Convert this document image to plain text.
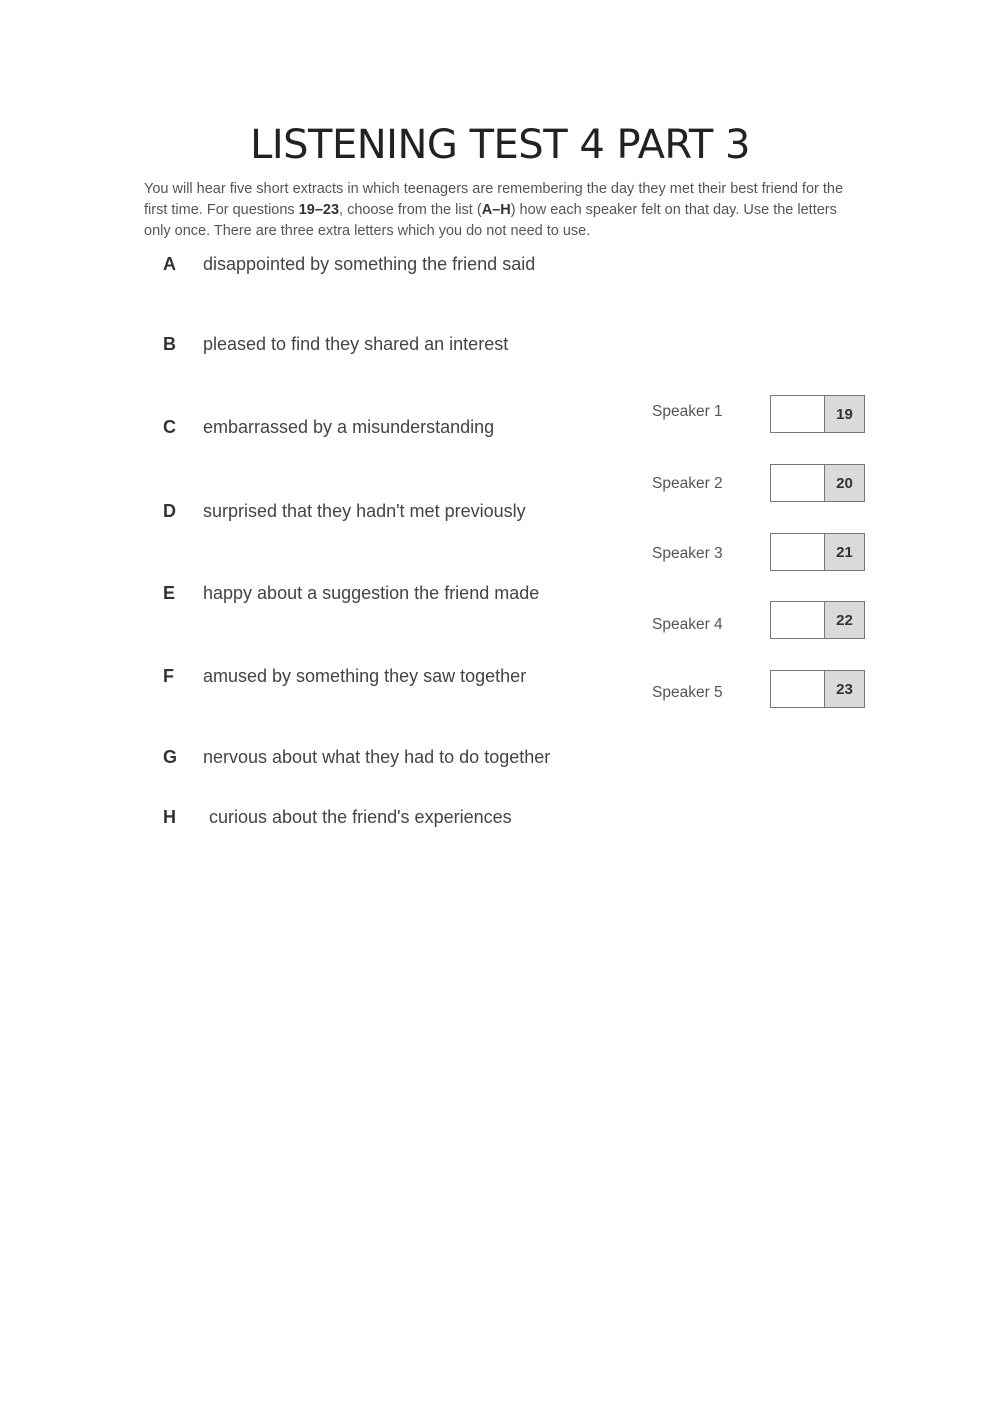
LISTENING TEST 4 PART 3
You will hear five short extracts in which teenagers are remembering the day they met their best friend for the first time. For questions 19–23, choose from the list (A–H) how each speaker felt on that day. Use the letters only once. There are three extra letters which you do not need to use.
A disappointed by something the friend said
B pleased to find they shared an interest
C embarrassed by a misunderstanding
D surprised that they hadn't met previously
E happy about a suggestion the friend made
F amused by something they saw together
G nervous about what they had to do together
H curious about the friend's experiences
Speaker 1	19
Speaker 2	20
Speaker 3	21
Speaker 4	22
Speaker 5	23
